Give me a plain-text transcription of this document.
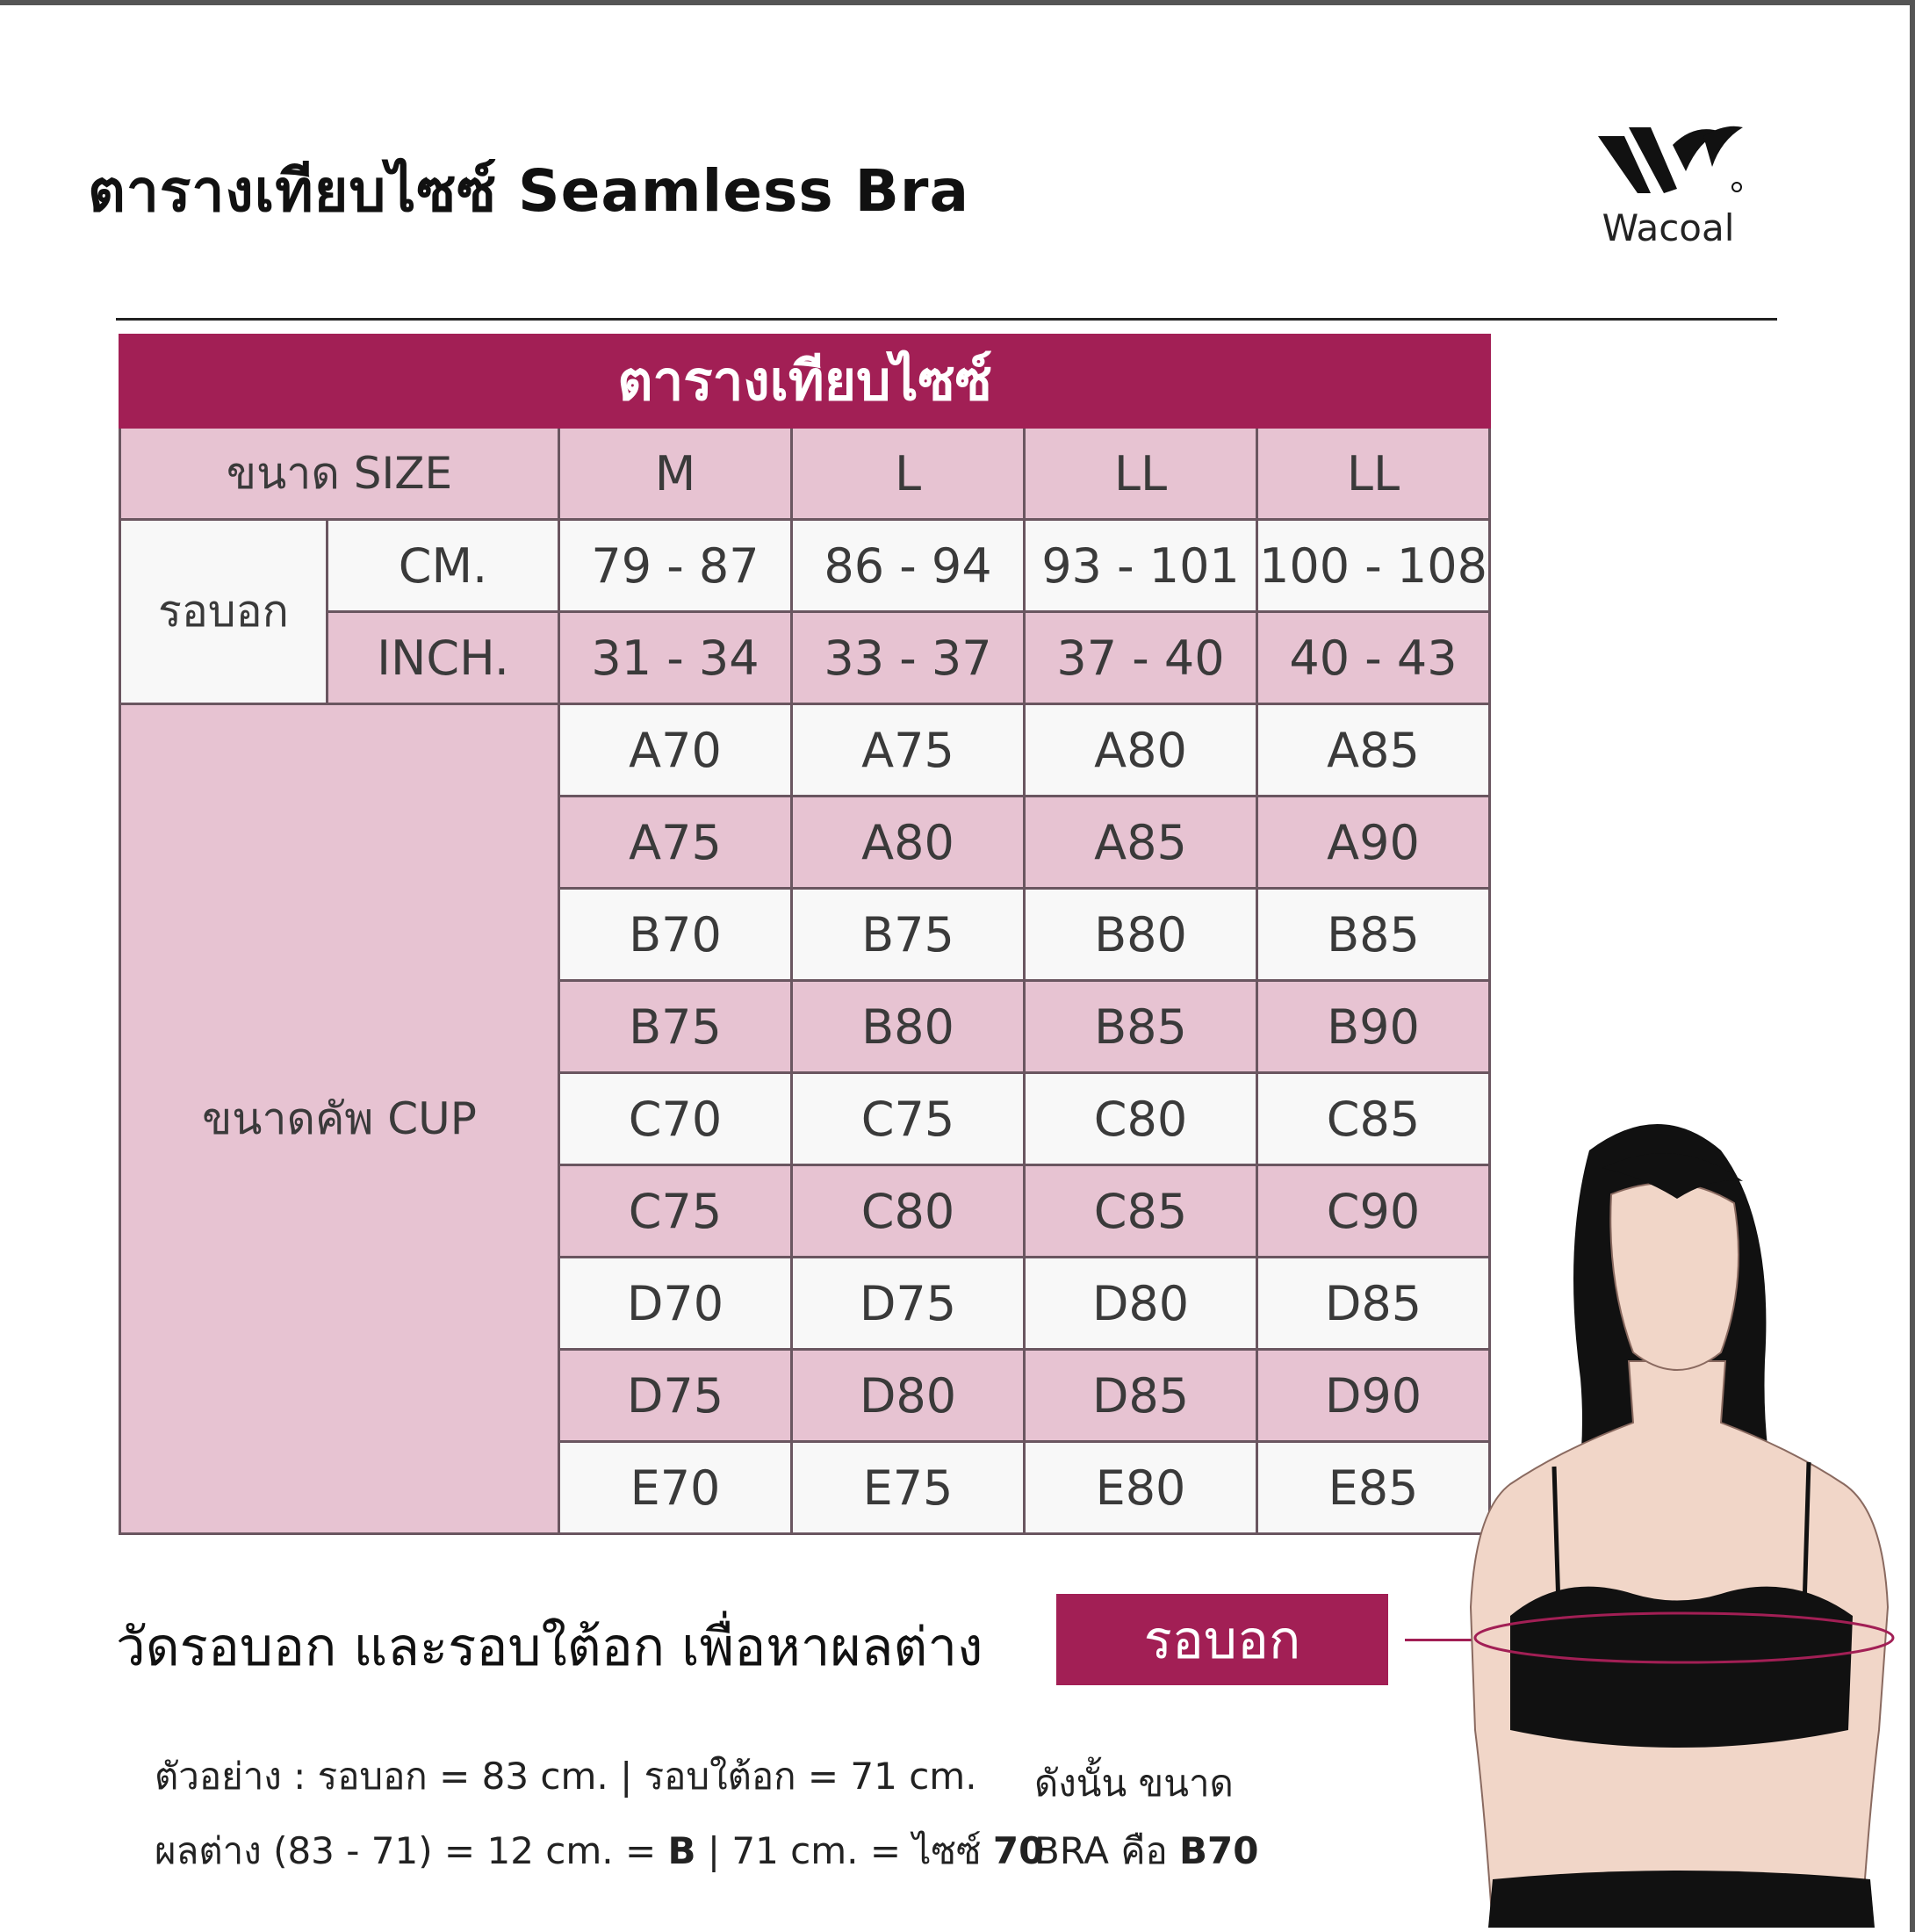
ตารางเทียบไซซ์ Seamless Bra
Wacoal
ตารางเทียบไซซ์					
ขนาด SIZE		M	L	LL	LL
รอบอก	CM.	79 - 87	86 - 94	93 - 101	100 - 108
	INCH.	31 - 34	33 - 37	37 - 40	40 - 43
ขนาดคัพ CUP		A70	A75	A80	A85
		A75	A80	A85	A90
		B70	B75	B80	B85
		B75	B80	B85	B90
		C70	C75	C80	C85
		C75	C80	C85	C90
		D70	D75	D80	D85
		D75	D80	D85	D90
		E70	E75	E80	E85
วัดรอบอก และรอบใต้อก เพื่อหาผลต่าง	รอบอก
ตัวอย่าง : รอบอก = 83 cm. | รอบใต้อก = 71 cm.
ผลต่าง (83 - 71) = 12 cm. = B | 71 cm. = ไซซ์ 70
ดังนั้น ขนาด
BRA คือ B70
